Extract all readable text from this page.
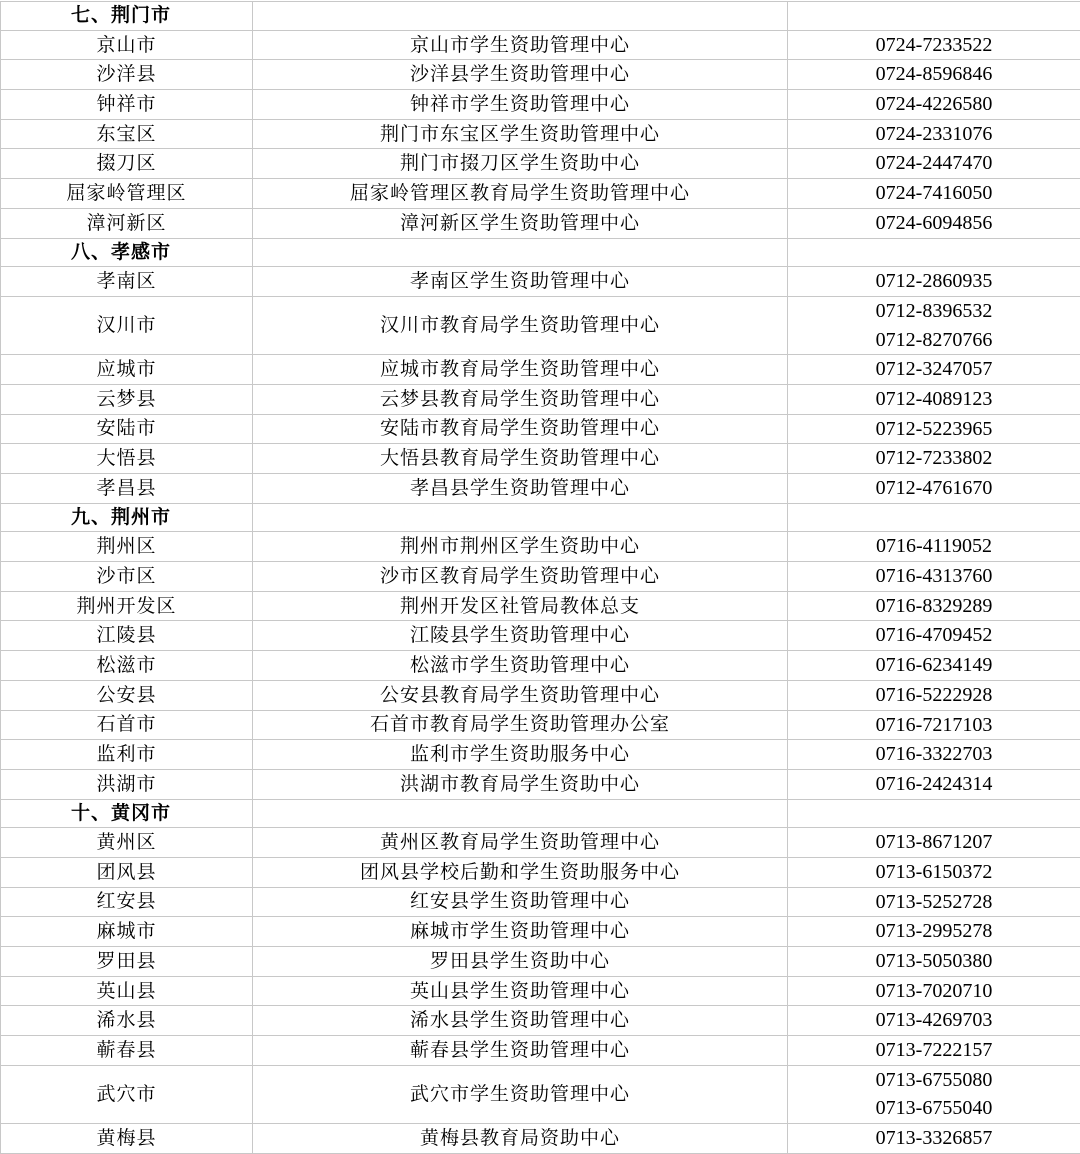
七、荆门市		
京山市	京山市学生资助管理中心	0724-7233522

沙洋县	沙洋县学生资助管理中心	0724-8596846

钟祥市	钟祥市学生资助管理中心	0724-4226580

东宝区	荆门市东宝区学生资助管理中心	0724-2331076

掇刀区	荆门市掇刀区学生资助中心	0724-2447470

屈家岭管理区	屈家岭管理区教育局学生资助管理中心	0724-7416050

漳河新区	漳河新区学生资助管理中心	0724-6094856

八、孝感市		
孝南区	孝南区学生资助管理中心	0712-2860935

汉川市	汉川市教育局学生资助管理中心	0712-8396532
0712-8270766

应城市	应城市教育局学生资助管理中心	0712-3247057

云梦县	云梦县教育局学生资助管理中心	0712-4089123

安陆市	安陆市教育局学生资助管理中心	0712-5223965

大悟县	大悟县教育局学生资助管理中心	0712-7233802

孝昌县	孝昌县学生资助管理中心	0712-4761670

九、荆州市		
荆州区	荆州市荆州区学生资助中心	0716-4119052

沙市区	沙市区教育局学生资助管理中心	0716-4313760

荆州开发区	荆州开发区社管局教体总支	0716-8329289

江陵县	江陵县学生资助管理中心	0716-4709452

松滋市	松滋市学生资助管理中心	0716-6234149

公安县	公安县教育局学生资助管理中心	0716-5222928

石首市	石首市教育局学生资助管理办公室	0716-7217103

监利市	监利市学生资助服务中心	0716-3322703

洪湖市	洪湖市教育局学生资助中心	0716-2424314

十、黄冈市		
黄州区	黄州区教育局学生资助管理中心	0713-8671207

团风县	团风县学校后勤和学生资助服务中心	0713-6150372

红安县	红安县学生资助管理中心	0713-5252728

麻城市	麻城市学生资助管理中心	0713-2995278

罗田县	罗田县学生资助中心	0713-5050380

英山县	英山县学生资助管理中心	0713-7020710

浠水县	浠水县学生资助管理中心	0713-4269703

蕲春县	蕲春县学生资助管理中心	0713-7222157

武穴市	武穴市学生资助管理中心	0713-6755080
0713-6755040

黄梅县	黄梅县教育局资助中心	0713-3326857
